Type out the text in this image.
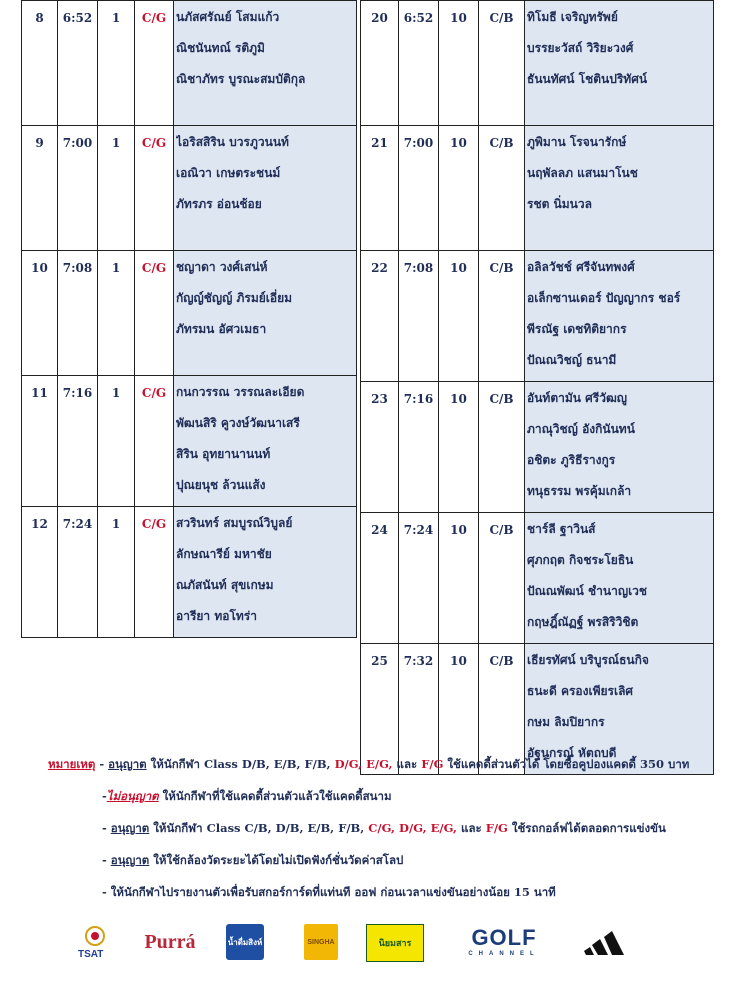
8	6:52	1	C/G	นภัสศรัณย์ โสมแก้ว
ณิชนันทณ์ รติภูมิ
ณิชาภัทร บูรณะสมบัติกุล

9	7:00	1	C/G	ไอริสสิริน บวรภูวนนท์
เอณิวา เกษตระชนม์
ภัทรภร อ่อนช้อย

10	7:08	1	C/G	ชญาดา วงศ์เสน่ห์
กัญญ์ชัญญ์ ภิรมย์เอี่ยม
ภัทรมน อัศวเมธา

11	7:16	1	C/G	กนกวรรณ วรรณละเอียด
พัฒนสิริ คูวงษ์วัฒนาเสรี
สิริน อุทยานานนท์
ปุณยนุช ล้วนแส้ง

12	7:24	1	C/G	สวรินทร์ สมบูรณ์วิบูลย์
ลักษณารีย์ มหาชัย
ณภัสนันท์ สุขเกษม
อารียา ทอโทร่า
20	6:52	10	C/B	ทิโมธี เจริญทรัพย์
บรรยะวัสถ์ วิริยะวงศ์
ธันนทัศน์ โชตินปริทัศน์

21	7:00	10	C/B	ภูพิมาน โรจนารักษ์
นฤพัลลภ แสนมาโนช
รชต นิ่มนวล

22	7:08	10	C/B	อลิลวัชช์ ศรีจันทพงศ์
อเล็กซานเดอร์ ปัญญากร ชอร์
พีรณัฐ เดชทิติยากร
ปัณณวิชญ์ ธนามี

23	7:16	10	C/B	อันท์ตามัน ศรีวัฒญู
ภาณุวิชญ์ อังกินันทน์
อชิตะ ภูริธีรางกูร
ทนุธรรม พรคุ้มเกล้า

24	7:24	10	C/B	ชาร์ลี ฐาวินส์
ศุภกฤต กิจชระโยธิน
ปัณณพัฒน์ ชำนาญเวช
กฤษฎิ์ณัฏฐ์ พรสิริวิชิต

25	7:32	10	C/B	เธียรทัศน์ บริบูรณ์ธนกิจ
ธนะดี ครองเพียรเลิศ
กษม ลิมปิยากร
อัฐนกรณ์ หัตถบดี
หมายเหตุ - อนุญาต ให้นักกีฬา Class D/B, E/B, F/B, D/G, E/G, และ F/G ใช้แคดดี้ส่วนตัวได้ โดยซื้อคูปองแคดดี้ 350 บาท
-ไม่อนุญาต ให้นักกีฬาที่ใช้แคดดี้ส่วนตัวแล้วใช้แคดดี้สนาม
- อนุญาต ให้นักกีฬา Class C/B, D/B, E/B, F/B, C/G, D/G, E/G, และ F/G ใช้รถกอล์ฟได้ตลอดการแข่งขัน
- อนุญาต ให้ใช้กล้องวัดระยะได้โดยไม่เปิดฟังก์ชั่นวัดค่าสโลป
- ให้นักกีฬาไปรายงานตัวเพื่อรับสกอร์การ์ดที่แท่นที ออฟ ก่อนเวลาแข่งขันอย่างน้อย 15 นาที
TSAT
Purrá	น้ำดื่มสิงห์	SINGHA	นิยมสาร	GOLF
CHANNEL
